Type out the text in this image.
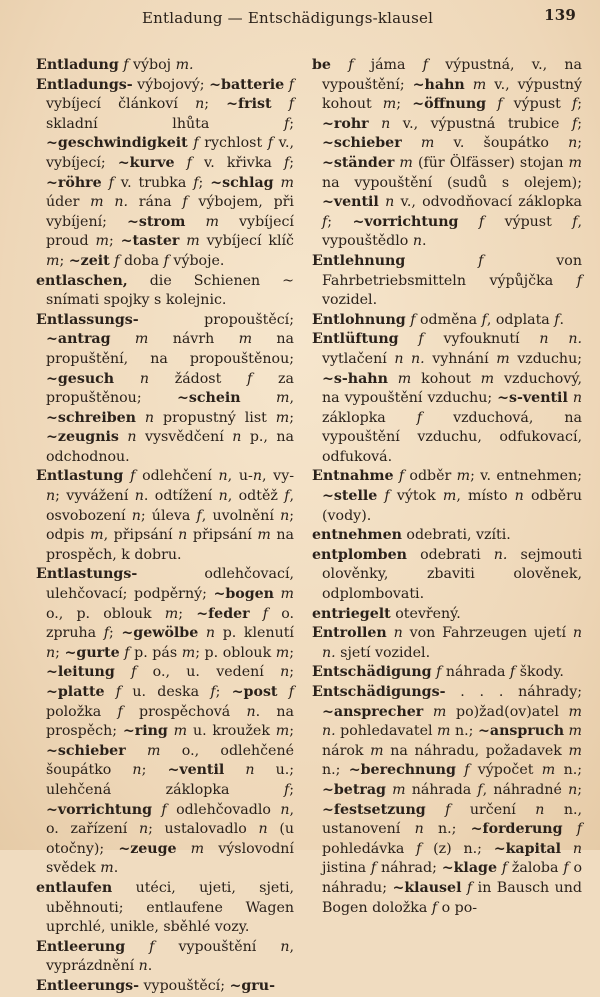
Entladung — Entschädigungs-klausel	139
Entladung f výboj m.
Entladungs- výbojový; ~batterie f vybíjecí článkoví n; ~frist f skladní lhůta f; ~geschwindigkeit f rychlost f v., vybíjecí; ~kurve f v. křivka f; ~röhre f v. trubka f; ~schlag m úder m n. rána f výbojem, při vybíjení; ~strom m vybíjecí proud m; ~taster m vybíjecí klíč m; ~zeit f doba f výboje.
entlaschen, die Schienen ~ snímati spojky s kolejnic.
Entlassungs- propouštěcí; ~antrag m návrh m na propuštění, na propouštěnou; ~gesuch n žádost f za propuštěnou; ~schein m, ~schreiben n propustný list m; ~zeugnis n vysvědčení n p., na odchodnou.
Entlastung f odlehčení n, u-n, vy- n; vyvážení n. odtížení n, odtěž f, osvobození n; úleva f, uvolnění n; odpis m, připsání n připsání m na prospěch, k dobru.
Entlastungs- odlehčovací, ulehčovací; podpěrný; ~bogen m o., p. oblouk m; ~feder f o. zpruha f; ~gewölbe n p. klenutí n; ~gurte f p. pás m; p. oblouk m; ~leitung f o., u. vedení n; ~platte f u. deska f; ~post f položka f prospěchová n. na prospěch; ~ring m u. kroužek m; ~schieber m o., odlehčené šoupátko n; ~ventil n u.; ulehčená záklopka f; ~vorrichtung f odlehčovadlo n, o. zařízení n; ustalovadlo n (u otočny); ~zeuge m výslovodní svědek m.
entlaufen utéci, ujeti, sjeti, uběhnouti; entlaufene Wagen uprchlé, unikle, sběhlé vozy.
Entleerung f vypouštění n, vyprázdnění n.
Entleerungs- vypouštěcí; ~gru-
be f jáma f výpustná, v., na vypouštění; ~hahn m v., výpustný kohout m; ~öffnung f výpust f; ~rohr n v., výpustná trubice f; ~schieber m v. šoupátko n; ~ständer m (für Ölfässer) stojan m na vypouštění (sudů s olejem); ~ventil n v., odvodňovací záklopka f; ~vorrichtung f výpust f, vypouštědlo n.
Entlehnung f von Fahrbetriebsmitteln výpůjčka f vozidel.
Entlohnung f odměna f, odplata f.
Entlüftung f vyfouknutí n n. vytlačení n n. vyhnání m vzduchu; ~s-hahn m kohout m vzduchový, na vypouštění vzduchu; ~s-ventil n záklopka f vzduchová, na vypouštění vzduchu, odfukovací, odfuková.
Entnahme f odběr m; v. entnehmen; ~stelle f výtok m, místo n odběru (vody).
entnehmen odebrati, vzíti.
entplomben odebrati n. sejmouti olověnky, zbaviti olověnek, odplombovati.
entriegelt otevřený.
Entrollen n von Fahrzeugen ujetí n n. sjetí vozidel.
Entschädigung f náhrada f škody.
Entschädigungs- . . . náhrady; ~ansprecher m po)žad(ov)atel m n. pohledavatel m n.; ~anspruch m nárok m na náhradu, požadavek m n.; ~berechnung f výpočet m n.; ~betrag m náhrada f, náhradné n; ~festsetzung f určení n n., ustanovení n n.; ~forderung f pohledávka f (z) n.; ~kapital n jistina f náhrad; ~klage f žaloba f o náhradu; ~klausel f in Bausch und Bogen doložka f o po-
